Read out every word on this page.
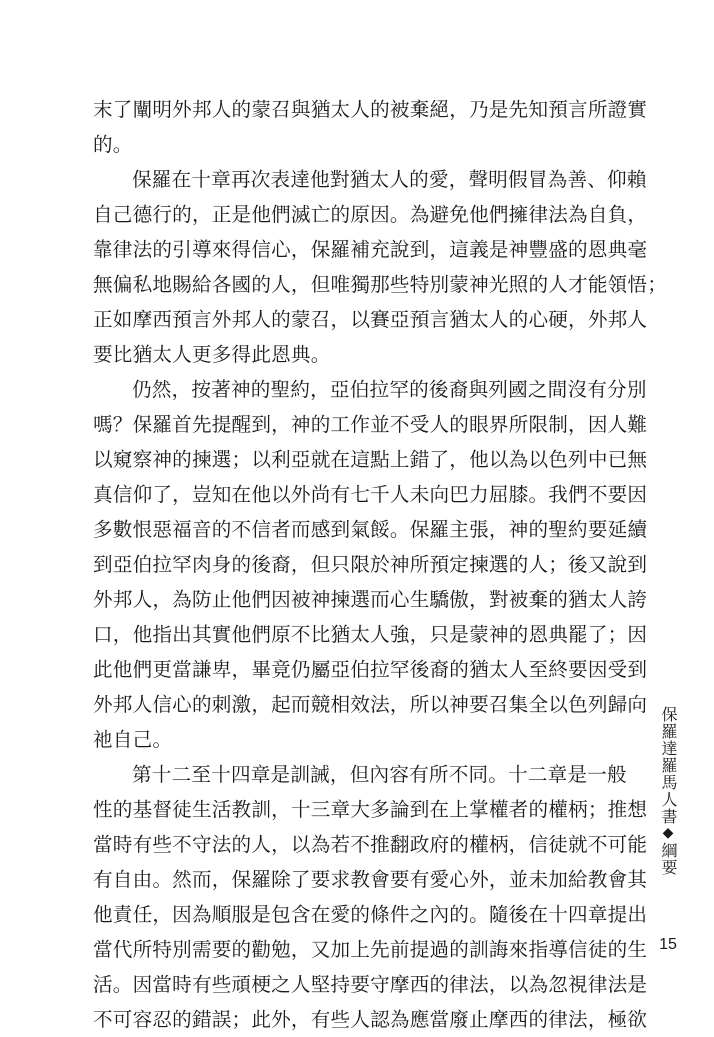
末了闡明外邦人的蒙召與猶太人的被棄絕，乃是先知預言所證實
的。
保羅在十章再次表達他對猶太人的愛，聲明假冒為善、仰賴
自己德行的，正是他們滅亡的原因。為避免他們擁律法為自負，
靠律法的引導來得信心，保羅補充說到，這義是神豐盛的恩典毫
無偏私地賜給各國的人，但唯獨那些特別蒙神光照的人才能領悟；
正如摩西預言外邦人的蒙召，以賽亞預言猶太人的心硬，外邦人
要比猶太人更多得此恩典。
仍然，按著神的聖約，亞伯拉罕的後裔與列國之間沒有分別
嗎？保羅首先提醒到，神的工作並不受人的眼界所限制，因人難
以窺察神的揀選；以利亞就在這點上錯了，他以為以色列中已無
真信仰了，豈知在他以外尚有七千人未向巴力屈膝。我們不要因
多數恨惡福音的不信者而感到氣餒。保羅主張，神的聖約要延續
到亞伯拉罕肉身的後裔，但只限於神所預定揀選的人；後又說到
外邦人，為防止他們因被神揀選而心生驕傲，對被棄的猶太人誇
口，他指出其實他們原不比猶太人強，只是蒙神的恩典罷了；因
此他們更當謙卑，畢竟仍屬亞伯拉罕後裔的猶太人至終要因受到
外邦人信心的刺激，起而競相效法，所以神要召集全以色列歸向
祂自己。
第十二至十四章是訓誡，但內容有所不同。十二章是一般
性的基督徒生活教訓，十三章大多論到在上掌權者的權柄；推想
當時有些不守法的人，以為若不推翻政府的權柄，信徒就不可能
有自由。然而，保羅除了要求教會要有愛心外，並未加給教會其
他責任，因為順服是包含在愛的條件之內的。隨後在十四章提出
當代所特別需要的勸勉，又加上先前提過的訓誨來指導信徒的生
活。因當時有些頑梗之人堅持要守摩西的律法，以為忽視律法是
不可容忍的錯誤；此外，有些人認為應當廢止摩西的律法，極欲
保羅達羅馬人書◆綱要
15
